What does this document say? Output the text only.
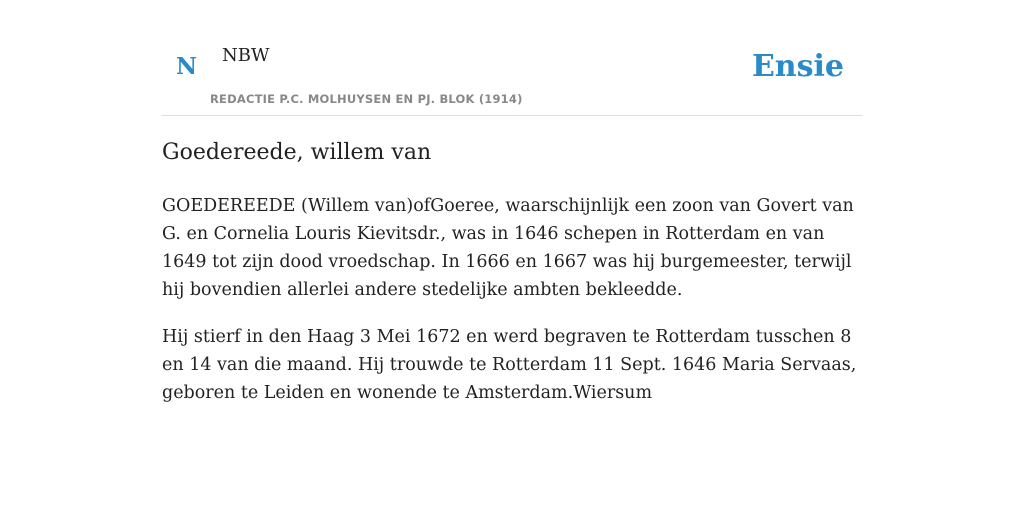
N NBW
REDACTIE P.C. MOLHUYSEN EN PJ. BLOK (1914)
Ensie
Goedereede, willem van

GOEDEREEDE (Willem van)ofGoeree, waarschijnlijk een zoon van Govert van G. en Cornelia Louris Kievitsdr., was in 1646 schepen in Rotterdam en van 1649 tot zijn dood vroedschap. In 1666 en 1667 was hij burgemeester, terwijl hij bovendien allerlei andere stedelijke ambten bekleedde.

Hij stierf in den Haag 3 Mei 1672 en werd begraven te Rotterdam tusschen 8 en 14 van die maand. Hij trouwde te Rotterdam 11 Sept. 1646 Maria Servaas, geboren te Leiden en wonende te Amsterdam.Wiersum
